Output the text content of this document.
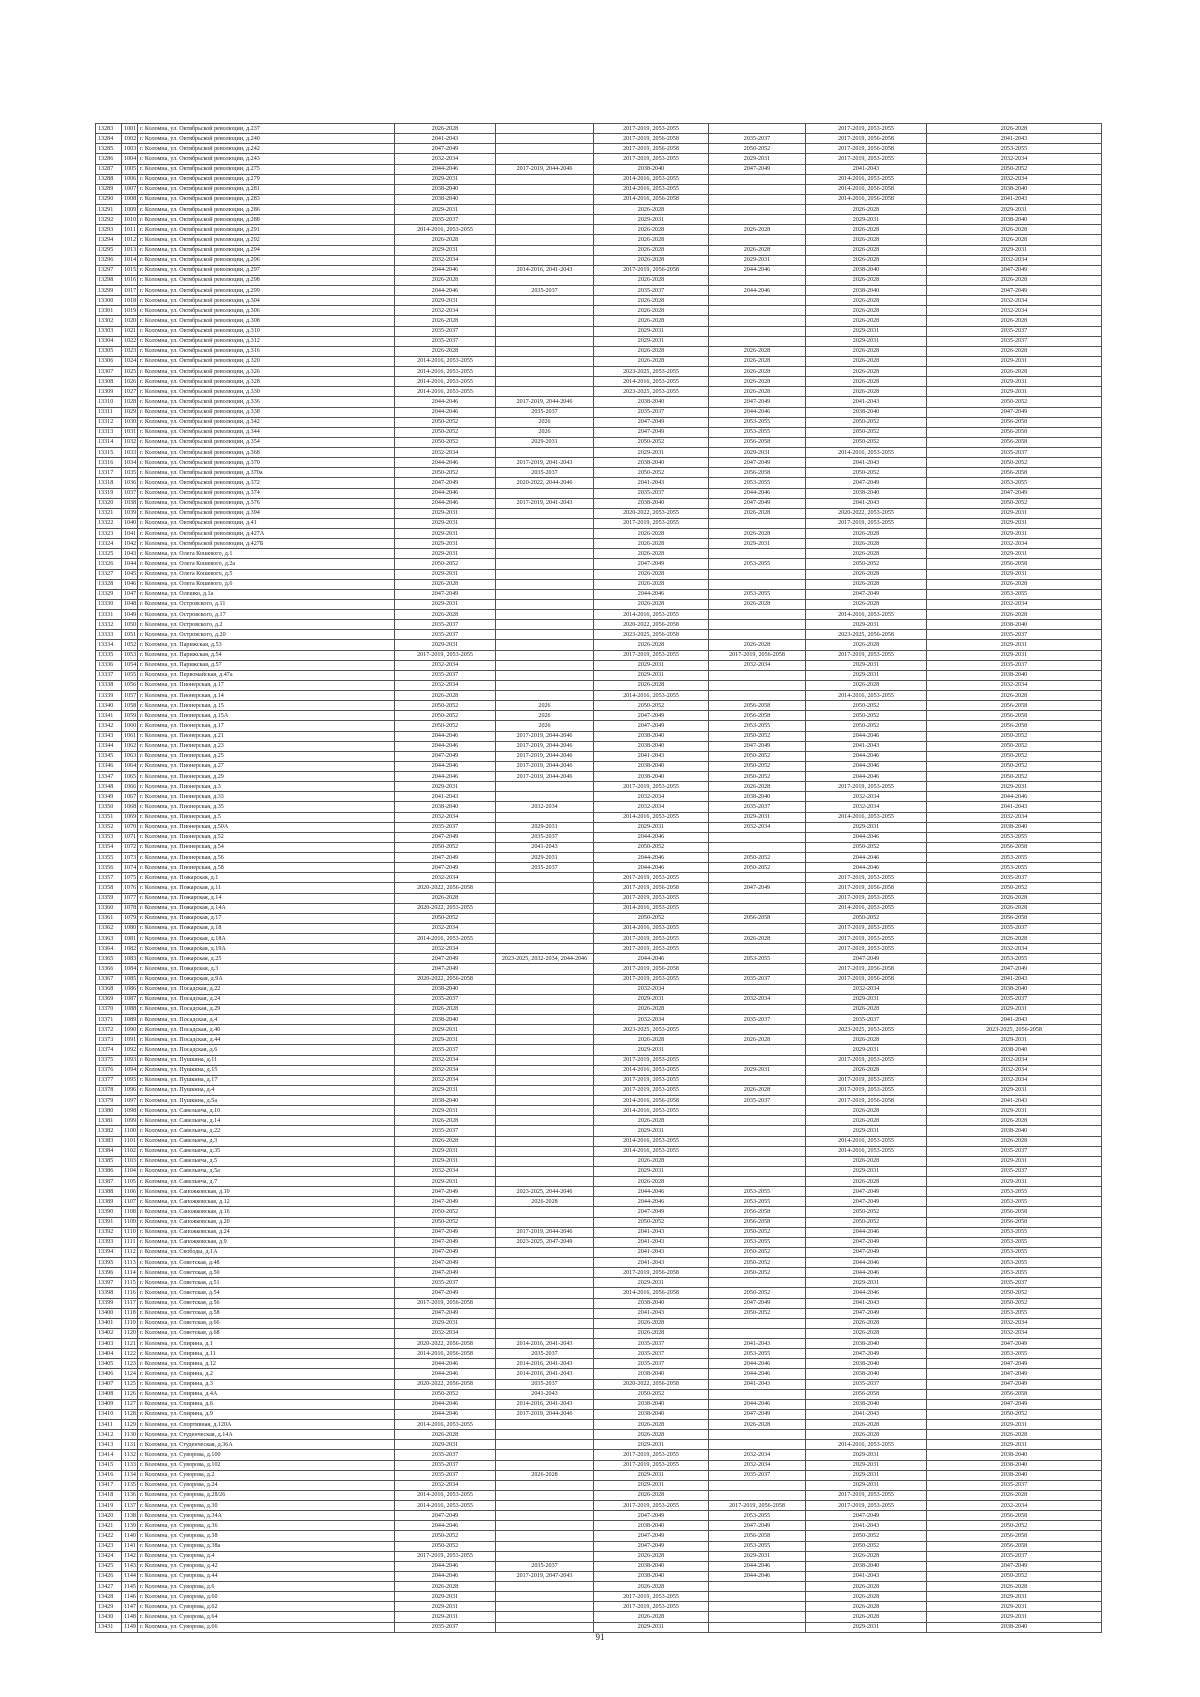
13283	1001	г. Коломна, ул. Октябрьской революции, д.237	2026-2028		2017-2019, 2053-2055		2017-2019, 2053-2055	2026-2028
13284	1002	г. Коломна, ул. Октябрьской революции, д.240	2041-2043		2017-2019, 2056-2058	2035-2037	2017-2019, 2056-2058	2041-2043
13285	1003	г. Коломна, ул. Октябрьской революции, д.242	2047-2049		2017-2019, 2056-2058	2050-2052	2017-2019, 2056-2058	2053-2055
13286	1004	г. Коломна, ул. Октябрьской революции, д.243	2032-2034		2017-2019, 2053-2055	2029-2031	2017-2019, 2053-2055	2032-2034
13287	1005	г. Коломна, ул. Октябрьской революции, д.275	2044-2046	2017-2019, 2044-2046	2038-2040	2047-2049	2041-2043	2050-2052
13288	1006	г. Коломна, ул. Октябрьской революции, д.279	2029-2031		2014-2016, 2053-2055		2014-2016, 2053-2055	2032-2034
13289	1007	г. Коломна, ул. Октябрьской революции, д.281	2038-2040		2014-2016, 2053-2055		2014-2016, 2056-2058	2038-2040
13290	1008	г. Коломна, ул. Октябрьской революции, д.283	2038-2040		2014-2016, 2056-2058		2014-2016, 2056-2058	2041-2043
13291	1009	г. Коломна, ул. Октябрьской революции, д.286	2029-2031		2026-2028		2026-2028	2029-2031
13292	1010	г. Коломна, ул. Октябрьской революции, д.288	2035-2037		2029-2031		2029-2031	2038-2040
13293	1011	г. Коломна, ул. Октябрьской революции, д.291	2014-2016, 2053-2055		2026-2028	2026-2028	2026-2028	2026-2028
13294	1012	г. Коломна, ул. Октябрьской революции, д.292	2026-2028		2026-2028		2026-2028	2026-2028
13295	1013	г. Коломна, ул. Октябрьской революции, д.294	2029-2031		2026-2028	2026-2028	2026-2028	2029-2031
13296	1014	г. Коломна, ул. Октябрьской революции, д.296	2032-2034		2026-2028	2029-2031	2026-2028	2032-2034
13297	1015	г. Коломна, ул. Октябрьской революции, д.297	2044-2046	2014-2016, 2041-2043	2017-2019, 2056-2058	2044-2046	2038-2040	2047-2049
13298	1016	г. Коломна, ул. Октябрьской революции, д.298	2026-2028		2026-2028		2026-2028	2026-2028
13299	1017	г. Коломна, ул. Октябрьской революции, д.299	2044-2046	2035-2037	2035-2037	2044-2046	2038-2040	2047-2049
13300	1018	г. Коломна, ул. Октябрьской революции, д.304	2029-2031		2026-2028		2026-2028	2032-2034
13301	1019	г. Коломна, ул. Октябрьской революции, д.306	2032-2034		2026-2028		2026-2028	2032-2034
13302	1020	г. Коломна, ул. Октябрьской революции, д.308	2026-2028		2026-2028		2026-2028	2026-2028
13303	1021	г. Коломна, ул. Октябрьской революции, д.310	2035-2037		2029-2031		2029-2031	2035-2037
13304	1022	г. Коломна, ул. Октябрьской революции, д.312	2035-2037		2029-2031		2029-2031	2035-2037
13305	1023	г. Коломна, ул. Октябрьской революции, д.316	2026-2028		2026-2028	2026-2028	2026-2028	2026-2028
13306	1024	г. Коломна, ул. Октябрьской революции, д.320	2014-2016, 2053-2055		2026-2028	2026-2028	2026-2028	2029-2031
13307	1025	г. Коломна, ул. Октябрьской революции, д.326	2014-2016, 2053-2055		2023-2025, 2053-2055	2026-2028	2026-2028	2026-2028
13308	1026	г. Коломна, ул. Октябрьской революции, д.328	2014-2016, 2053-2055		2014-2016, 2053-2055	2026-2028	2026-2028	2029-2031
13309	1027	г. Коломна, ул. Октябрьской революции, д.330	2014-2016, 2053-2055		2023-2025, 2053-2055	2026-2028	2026-2028	2029-2031
13310	1028	г. Коломна, ул. Октябрьской революции, д.336	2044-2046	2017-2019, 2044-2046	2038-2040	2047-2049	2041-2043	2050-2052
13311	1029	г. Коломна, ул. Октябрьской революции, д.338	2044-2046	2035-2037	2035-2037	2044-2046	2038-2040	2047-2049
13312	1030	г. Коломна, ул. Октябрьской революции, д.342	2050-2052	2026	2047-2049	2053-2055	2050-2052	2056-2058
13313	1031	г. Коломна, ул. Октябрьской революции, д.344	2050-2052	2026	2047-2049	2053-2055	2050-2052	2056-2058
13314	1032	г. Коломна, ул. Октябрьской революции, д.354	2050-2052	2029-2031	2050-2052	2056-2058	2050-2052	2056-2058
13315	1033	г. Коломна, ул. Октябрьской революции, д.368	2032-2034		2029-2031	2029-2031	2014-2016, 2053-2055	2035-2037
13316	1034	г. Коломна, ул. Октябрьской революции, д.370	2044-2046	2017-2019, 2041-2043	2038-2040	2047-2049	2041-2043	2050-2052
13317	1035	г. Коломна, ул. Октябрьской революции, д.370а	2050-2052	2035-2037	2050-2052	2056-2058	2050-2052	2056-2058
13318	1036	г. Коломна, ул. Октябрьской революции, д.372	2047-2049	2020-2022, 2044-2046	2041-2043	2053-2055	2047-2049	2053-2055
13319	1037	г. Коломна, ул. Октябрьской революции, д.374	2044-2046		2035-2037	2044-2046	2038-2040	2047-2049
13320	1038	г. Коломна, ул. Октябрьской революции, д.376	2044-2046	2017-2019, 2041-2043	2038-2040	2047-2049	2041-2043	2050-2052
13321	1039	г. Коломна, ул. Октябрьской революции, д.394	2029-2031		2020-2022, 2053-2055	2026-2028	2020-2022, 2053-2055	2029-2031
13322	1040	г. Коломна, ул. Октябрьской революции, д.41	2029-2031		2017-2019, 2053-2055		2017-2019, 2053-2055	2029-2031
13323	1041	г. Коломна, ул. Октябрьской революции, д.427А	2029-2031		2026-2028	2026-2028	2026-2028	2029-2031
13324	1042	г. Коломна, ул. Октябрьской революции, д.427Б	2029-2031		2026-2028	2029-2031	2026-2028	2032-2034
13325	1043	г. Коломна, ул. Олега Кошевого, д.1	2029-2031		2026-2028		2026-2028	2029-2031
13326	1044	г. Коломна, ул. Олега Кошевого, д.2а	2050-2052		2047-2049	2053-2055	2050-2052	2056-2058
13327	1045	г. Коломна, ул. Олега Кошевого, д.5	2029-2031		2026-2028		2026-2028	2029-2031
13328	1046	г. Коломна, ул. Олега Кошевого, д.6	2026-2028		2026-2028		2026-2028	2026-2028
13329	1047	г. Коломна, ул. Олешко, д.1а	2047-2049		2044-2046	2053-2055	2047-2049	2053-2055
13330	1048	г. Коломна, ул. Островского, д.11	2029-2031		2026-2028	2026-2028	2026-2028	2032-2034
13331	1049	г. Коломна, ул. Островского, д.17	2026-2028		2014-2016, 2053-2055		2014-2016, 2053-2055	2026-2028
13332	1050	г. Коломна, ул. Островского, д.2	2035-2037		2020-2022, 2056-2058		2029-2031	2038-2040
13333	1051	г. Коломна, ул. Островского, д.20	2035-2037		2023-2025, 2056-2058		2023-2025, 2056-2058	2035-2037
13334	1052	г. Коломна, ул. Парижская, д.53	2029-2031		2026-2028	2026-2028	2026-2028	2029-2031
13335	1053	г. Коломна, ул. Парижская, д.54	2017-2019, 2053-2055		2017-2019, 2053-2055	2017-2019, 2056-2058	2017-2019, 2053-2055	2029-2031
13336	1054	г. Коломна, ул. Парижская, д.57	2032-2034		2029-2031	2032-2034	2029-2031	2035-2037
13337	1055	г. Коломна, ул. Первомайская, д.47а	2035-2037		2029-2031		2029-2031	2038-2040
13338	1056	г. Коломна, ул. Пионерская, д.17	2032-2034		2026-2028		2026-2028	2032-2034
13339	1057	г. Коломна, ул. Пионерская, д.14	2026-2028		2014-2016, 2053-2055		2014-2016, 2053-2055	2026-2028
13340	1058	г. Коломна, ул. Пионерская, д.15	2050-2052	2026	2050-2052	2056-2058	2050-2052	2056-2058
13341	1059	г. Коломна, ул. Пионерская, д.15А	2050-2052	2026	2047-2049	2056-2058	2050-2052	2056-2058
13342	1060	г. Коломна, ул. Пионерская, д.17	2050-2052	2026	2047-2049	2053-2055	2050-2052	2056-2058
13343	1061	г. Коломна, ул. Пионерская, д.21	2044-2046	2017-2019, 2044-2046	2038-2040	2050-2052	2044-2046	2050-2052
13344	1062	г. Коломна, ул. Пионерская, д.23	2044-2046	2017-2019, 2044-2046	2038-2040	2047-2049	2041-2043	2050-2052
13345	1063	г. Коломна, ул. Пионерская, д.25	2047-2049	2017-2019, 2044-2046	2041-2043	2050-2052	2044-2046	2050-2052
13346	1064	г. Коломна, ул. Пионерская, д.27	2044-2046	2017-2019, 2044-2046	2038-2040	2050-2052	2044-2046	2050-2052
13347	1065	г. Коломна, ул. Пионерская, д.29	2044-2046	2017-2019, 2044-2046	2038-2040	2050-2052	2044-2046	2050-2052
13348	1066	г. Коломна, ул. Пионерская, д.3	2029-2031		2017-2019, 2053-2055	2026-2028	2017-2019, 2053-2055	2029-2031
13349	1067	г. Коломна, ул. Пионерская, д.33	2041-2043		2032-2034	2038-2040	2032-2034	2044-2046
13350	1068	г. Коломна, ул. Пионерская, д.35	2038-2040	2032-2034	2032-2034	2035-2037	2032-2034	2041-2043
13351	1069	г. Коломна, ул. Пионерская, д.5	2032-2034		2014-2016, 2053-2055	2029-2031	2014-2016, 2053-2055	2032-2034
13352	1070	г. Коломна, ул. Пионерская, д.50А	2035-2037	2029-2031	2029-2031	2032-2034	2029-2031	2038-2040
13353	1071	г. Коломна, ул. Пионерская, д.52	2047-2049	2035-2037	2044-2046		2044-2046	2053-2055
13354	1072	г. Коломна, ул. Пионерская, д.54	2050-2052	2041-2043	2050-2052		2050-2052	2056-2058
13355	1073	г. Коломна, ул. Пионерская, д.56	2047-2049	2029-2031	2044-2046	2050-2052	2044-2046	2053-2055
13356	1074	г. Коломна, ул. Пионерская, д.58	2047-2049	2035-2037	2044-2046	2050-2052	2044-2046	2053-2055
13357	1075	г. Коломна, ул. Пожарская, д.1	2032-2034		2017-2019, 2053-2055		2017-2019, 2053-2055	2035-2037
13358	1076	г. Коломна, ул. Пожарская, д.11	2020-2022, 2056-2058		2017-2019, 2056-2058	2047-2049	2017-2019, 2056-2058	2050-2052
13359	1077	г. Коломна, ул. Пожарская, д.14	2026-2028		2017-2019, 2053-2055		2017-2019, 2053-2055	2026-2028
13360	1078	г. Коломна, ул. Пожарская, д.14А	2020-2022, 2053-2055		2014-2016, 2053-2055		2014-2016, 2053-2055	2026-2028
13361	1079	г. Коломна, ул. Пожарская, д.17	2050-2052		2050-2052	2056-2058	2050-2052	2056-2058
13362	1080	г. Коломна, ул. Пожарская, д.18	2032-2034		2014-2016, 2053-2055		2017-2019, 2053-2055	2035-2037
13363	1081	г. Коломна, ул. Пожарская, д.18А	2014-2016, 2053-2055		2017-2019, 2053-2055	2026-2028	2017-2019, 2053-2055	2026-2028
13364	1082	г. Коломна, ул. Пожарская, д.19А	2032-2034		2017-2019, 2053-2055		2017-2019, 2053-2055	2032-2034
13365	1083	г. Коломна, ул. Пожарская, д.25	2047-2049	2023-2025, 2032-2034, 2044-2046	2044-2046	2053-2055	2047-2049	2053-2055
13366	1084	г. Коломна, ул. Пожарская, д.3	2047-2049		2017-2019, 2056-2058		2017-2019, 2056-2058	2047-2049
13367	1085	г. Коломна, ул. Пожарская, д.9А	2020-2022, 2056-2058		2017-2019, 2053-2055	2035-2037	2017-2019, 2056-2058	2041-2043
13368	1086	г. Коломна, ул. Посадская, д.22	2038-2040		2032-2034		2032-2034	2038-2040
13369	1087	г. Коломна, ул. Посадская, д.24	2035-2037		2029-2031	2032-2034	2029-2031	2035-2037
13370	1088	г. Коломна, ул. Посадская, д.29	2026-2028		2026-2028		2026-2028	2029-2031
13371	1089	г. Коломна, ул. Посадская, д.4	2038-2040		2032-2034	2035-2037	2035-2037	2041-2043
13372	1090	г. Коломна, ул. Посадская, д.40	2029-2031		2023-2025, 2053-2055		2023-2025, 2053-2055	2023-2025, 2056-2058
13373	1091	г. Коломна, ул. Посадская, д.44	2029-2031		2026-2028	2026-2028	2026-2028	2029-2031
13374	1092	г. Коломна, ул. Посадская, д.6	2035-2037		2029-2031		2029-2031	2038-2040
13375	1093	г. Коломна, ул. Пушкина, д.11	2032-2034		2017-2019, 2053-2055		2017-2019, 2053-2055	2032-2034
13376	1094	г. Коломна, ул. Пушкина, д.15	2032-2034		2014-2016, 2053-2055	2029-2031	2026-2028	2032-2034
13377	1095	г. Коломна, ул. Пушкина, д.17	2032-2034		2017-2019, 2053-2055		2017-2019, 2053-2055	2032-2034
13378	1096	г. Коломна, ул. Пушкина, д.4	2029-2031		2017-2019, 2053-2055	2026-2028	2017-2019, 2053-2055	2029-2031
13379	1097	г. Коломна, ул. Пушкина, д.5а	2038-2040		2014-2016, 2056-2058	2035-2037	2017-2019, 2056-2058	2041-2043
13380	1098	г. Коломна, ул. Савельича, д.10	2029-2031		2014-2016, 2053-2055		2026-2028	2029-2031
13381	1099	г. Коломна, ул. Савельича, д.14	2026-2028		2026-2028		2026-2028	2026-2028
13382	1100	г. Коломна, ул. Савельича, д.22	2035-2037		2029-2031		2029-2031	2038-2040
13383	1101	г. Коломна, ул. Савельича, д.3	2026-2028		2014-2016, 2053-2055		2014-2016, 2053-2055	2026-2028
13384	1102	г. Коломна, ул. Савельича, д.35	2029-2031		2014-2016, 2053-2055		2014-2016, 2053-2055	2035-2037
13385	1103	г. Коломна, ул. Савельича, д.5	2029-2031		2026-2028		2026-2028	2029-2031
13386	1104	г. Коломна, ул. Савельича, д.5а	2032-2034		2029-2031		2029-2031	2035-2037
13387	1105	г. Коломна, ул. Савельича, д.7	2029-2031		2026-2028		2026-2028	2029-2031
13388	1106	г. Коломна, ул. Сапожковская, д.10	2047-2049	2023-2025, 2044-2046	2044-2046	2053-2055	2047-2049	2053-2055
13389	1107	г. Коломна, ул. Сапожковская, д.12	2047-2049	2026-2028	2044-2046	2053-2055	2047-2049	2053-2055
13390	1108	г. Коломна, ул. Сапожковская, д.16	2050-2052		2047-2049	2056-2058	2050-2052	2056-2058
13391	1109	г. Коломна, ул. Сапожковская, д.20	2050-2052		2050-2052	2056-2058	2050-2052	2056-2058
13392	1110	г. Коломна, ул. Сапожковская, д.24	2047-2049	2017-2019, 2044-2046	2041-2043	2050-2052	2044-2046	2053-2055
13393	1111	г. Коломна, ул. Сапожковская, д.9	2047-2049	2023-2025, 2047-2049	2041-2043	2053-2055	2047-2049	2053-2055
13394	1112	г. Коломна, ул. Свободы, д.1А	2047-2049		2041-2043	2050-2052	2047-2049	2053-2055
13395	1113	г. Коломна, ул. Советская, д.48	2047-2049		2041-2043	2050-2052	2044-2046	2053-2055
13396	1114	г. Коломна, ул. Советская, д.50	2047-2049		2017-2019, 2056-2058	2050-2052	2044-2046	2053-2055
13397	1115	г. Коломна, ул. Советская, д.51	2035-2037		2029-2031		2029-2031	2035-2037
13398	1116	г. Коломна, ул. Советская, д.54	2047-2049		2014-2016, 2056-2058	2050-2052	2044-2046	2050-2052
13399	1117	г. Коломна, ул. Советская, д.56	2017-2019, 2056-2058		2038-2040	2047-2049	2041-2043	2050-2052
13400	1118	г. Коломна, ул. Советская, д.58	2047-2049		2041-2043	2050-2052	2047-2049	2053-2055
13401	1119	г. Коломна, ул. Советская, д.66	2029-2031		2026-2028		2026-2028	2032-2034
13402	1120	г. Коломна, ул. Советская, д.68	2032-2034		2026-2028		2026-2028	2032-2034
13403	1121	г. Коломна, ул. Спирина, д.1	2020-2022, 2056-2058	2014-2016, 2041-2043	2035-2037	2041-2043	2038-2040	2047-2049
13404	1122	г. Коломна, ул. Спирина, д.11	2014-2016, 2056-2058	2035-2037	2035-2037	2053-2055	2047-2049	2053-2055
13405	1123	г. Коломна, ул. Спирина, д.12	2044-2046	2014-2016, 2041-2043	2035-2037	2044-2046	2038-2040	2047-2049
13406	1124	г. Коломна, ул. Спирина, д.2	2044-2046	2014-2016, 2041-2043	2038-2040	2044-2046	2038-2040	2047-2049
13407	1125	г. Коломна, ул. Спирина, д.3	2020-2022, 2056-2058	2035-2037	2020-2022, 2056-2058	2041-2043	2035-2037	2047-2049
13408	1126	г. Коломна, ул. Спирина, д.4А	2050-2052	2041-2043	2050-2052		2056-2058	2056-2058
13409	1127	г. Коломна, ул. Спирина, д.6	2044-2046	2014-2016, 2041-2043	2038-2040	2044-2046	2038-2040	2047-2049
13410	1128	г. Коломна, ул. Спирина, д.9	2044-2046	2017-2019, 2044-2046	2038-2040	2047-2049	2041-2043	2050-2052
13411	1129	г. Коломна, ул. Спортивная, д.120А	2014-2016, 2053-2055		2026-2028	2026-2028	2026-2028	2029-2031
13412	1130	г. Коломна, ул. Студенческая, д.14А	2026-2028		2026-2028		2026-2028	2026-2028
13413	1131	г. Коломна, ул. Студенческая, д.36А	2029-2031		2029-2031		2014-2016, 2053-2055	2029-2031
13414	1132	г. Коломна, ул. Суворова, д.100	2035-2037		2017-2019, 2053-2055	2032-2034	2029-2031	2038-2040
13415	1133	г. Коломна, ул. Суворова, д.102	2035-2037		2017-2019, 2053-2055	2032-2034	2029-2031	2038-2040
13416	1134	г. Коломна, ул. Суворова, д.2	2035-2037	2026-2028	2029-2031	2035-2037	2029-2031	2038-2040
13417	1135	г. Коломна, ул. Суворова, д.24	2032-2034		2029-2031		2029-2031	2035-2037
13418	1136	г. Коломна, ул. Суворова, д.28/26	2014-2016, 2053-2055		2026-2028		2017-2019, 2053-2055	2026-2028
13419	1137	г. Коломна, ул. Суворова, д.30	2014-2016, 2053-2055		2017-2019, 2053-2055	2017-2019, 2056-2058	2017-2019, 2053-2055	2032-2034
13420	1138	г. Коломна, ул. Суворова, д.34А	2047-2049		2047-2049	2053-2055	2047-2049	2056-2058
13421	1139	г. Коломна, ул. Суворова, д.36	2044-2046		2038-2040	2047-2049	2041-2043	2050-2052
13422	1140	г. Коломна, ул. Суворова, д.38	2050-2052		2047-2049	2056-2058	2050-2052	2056-2058
13423	1141	г. Коломна, ул. Суворова, д.38а	2050-2052		2047-2049	2053-2055	2050-2052	2056-2058
13424	1142	г. Коломна, ул. Суворова, д.4	2017-2019, 2053-2055		2026-2028	2029-2031	2026-2028	2035-2037
13425	1143	г. Коломна, ул. Суворова, д.42	2044-2046	2035-2037	2038-2040	2044-2046	2038-2040	2047-2049
13426	1144	г. Коломна, ул. Суворова, д.44	2044-2046	2017-2019, 2047-2043	2038-2040	2044-2046	2041-2043	2050-2052
13427	1145	г. Коломна, ул. Суворова, д.6	2026-2028		2026-2028		2026-2028	2026-2028
13428	1146	г. Коломна, ул. Суворова, д.60	2029-2031		2017-2019, 2053-2055		2026-2028	2029-2031
13429	1147	г. Коломна, ул. Суворова, д.62	2029-2031		2017-2019, 2053-2055		2026-2028	2029-2031
13430	1148	г. Коломна, ул. Суворова, д.64	2029-2031		2026-2028		2026-2028	2029-2031
13431	1149	г. Коломна, ул. Суворова, д.66	2035-2037		2029-2031		2029-2031	2038-2040
91
